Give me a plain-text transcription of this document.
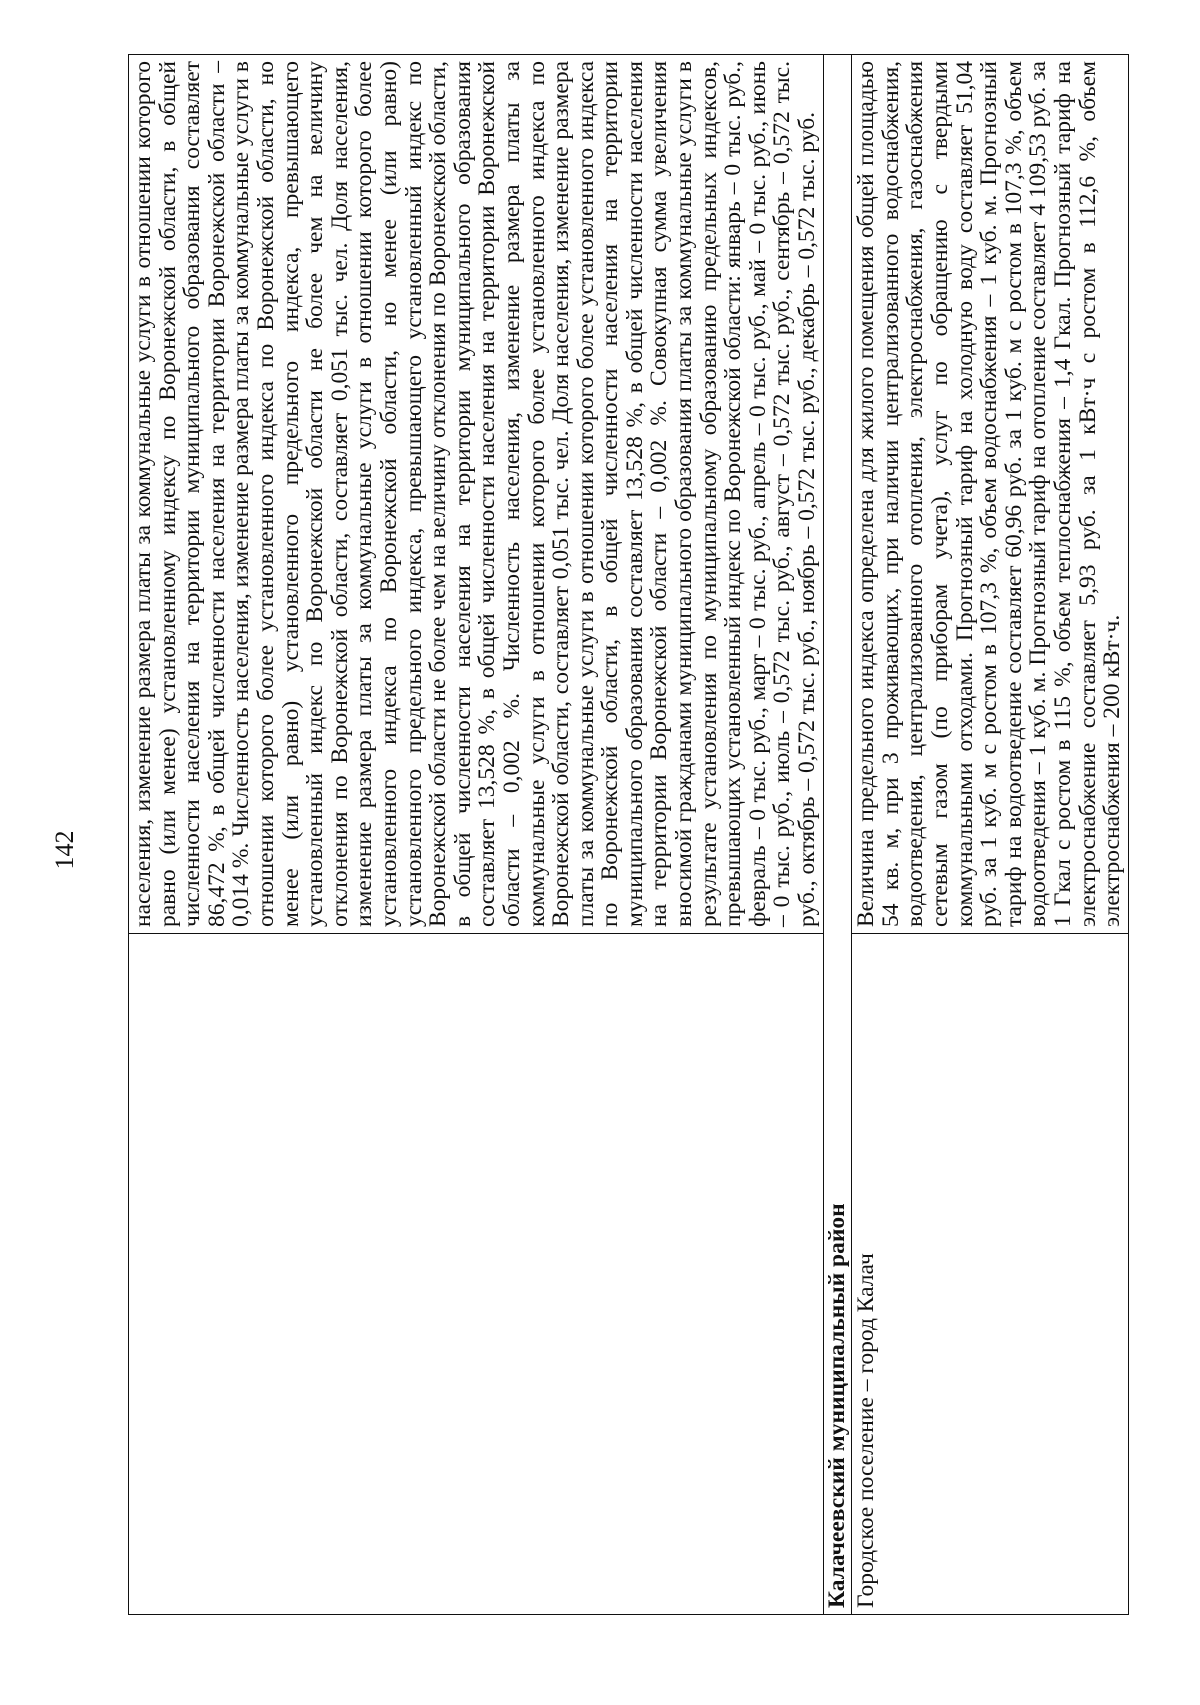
142
		населения, изменение размера платы за коммунальные услуги в отношении которого равно (или менее) установленному индексу по Воронежской области, в общей численности населения на территории муниципального образования составляет 86,472 %, в общей численности населения на территории Воронежской области – 0,014 %. Численность населения, изменение размера платы за коммунальные услуги в отношении которого более установленного индекса по Воронежской области, но менее (или равно) установленного предельного индекса, превышающего установленный индекс по Воронежской области не более чем на величину отклонения по Воронежской области, составляет 0,051 тыс. чел. Доля населения, изменение размера платы за коммунальные услуги в отношении которого более установленного индекса по Воронежской области, но менее (или равно) установленного предельного индекса, превышающего установленный индекс по Воронежской области не более чем на величину отклонения по Воронежской области, в общей численности населения на территории муниципального образования составляет 13,528 %, в общей численности населения на территории Воронежской области – 0,002 %. Численность населения, изменение размера платы за коммунальные услуги в отношении которого более установленного индекса по Воронежской области, составляет 0,051 тыс. чел. Доля населения, изменение размера платы за коммунальные услуги в отношении которого более установленного индекса по Воронежской области, в общей численности населения на территории муниципального образования составляет 13,528 %, в общей численности населения на территории Воронежской области – 0,002 %. Совокупная сумма увеличения вносимой гражданами муниципального образования платы за коммунальные услуги в результате установления по муниципальному образованию предельных индексов, превышающих установленный индекс по Воронежской области: январь – 0 тыс. руб., февраль – 0 тыс. руб., март – 0 тыс. руб., апрель – 0 тыс. руб., май – 0 тыс. руб., июнь – 0 тыс. руб., июль – 0,572 тыс. руб., август – 0,572 тыс. руб., сентябрь – 0,572 тыс. руб., октябрь – 0,572 тыс. руб., ноябрь – 0,572 тыс. руб., декабрь – 0,572 тыс. руб.
Калачеевский муниципальный район	
Городское поселение – город Калач	Величина предельного индекса определена для жилого помещения общей площадью 54 кв. м, при 3 проживающих, при наличии централизованного водоснабжения, водоотведения, централизованного отопления, электроснабжения, газоснабжения сетевым газом (по приборам учета), услуг по обращению с твердыми коммунальными отходами. Прогнозный тариф на холодную воду составляет 51,04 руб. за 1 куб. м с ростом в 107,3 %, объем водоснабжения – 1 куб. м. Прогнозный тариф на водоотведение составляет 60,96 руб. за 1 куб. м с ростом в 107,3 %, объем водоотведения – 1 куб. м. Прогнозный тариф на отопление составляет 4 109,53 руб. за 1 Гкал с ростом в 115 %, объем теплоснабжения – 1,4 Гкал. Прогнозный тариф на электроснабжение составляет 5,93 руб. за 1 кВт·ч с ростом в 112,6 %, объем электроснабжения – 200 кВт·ч.
